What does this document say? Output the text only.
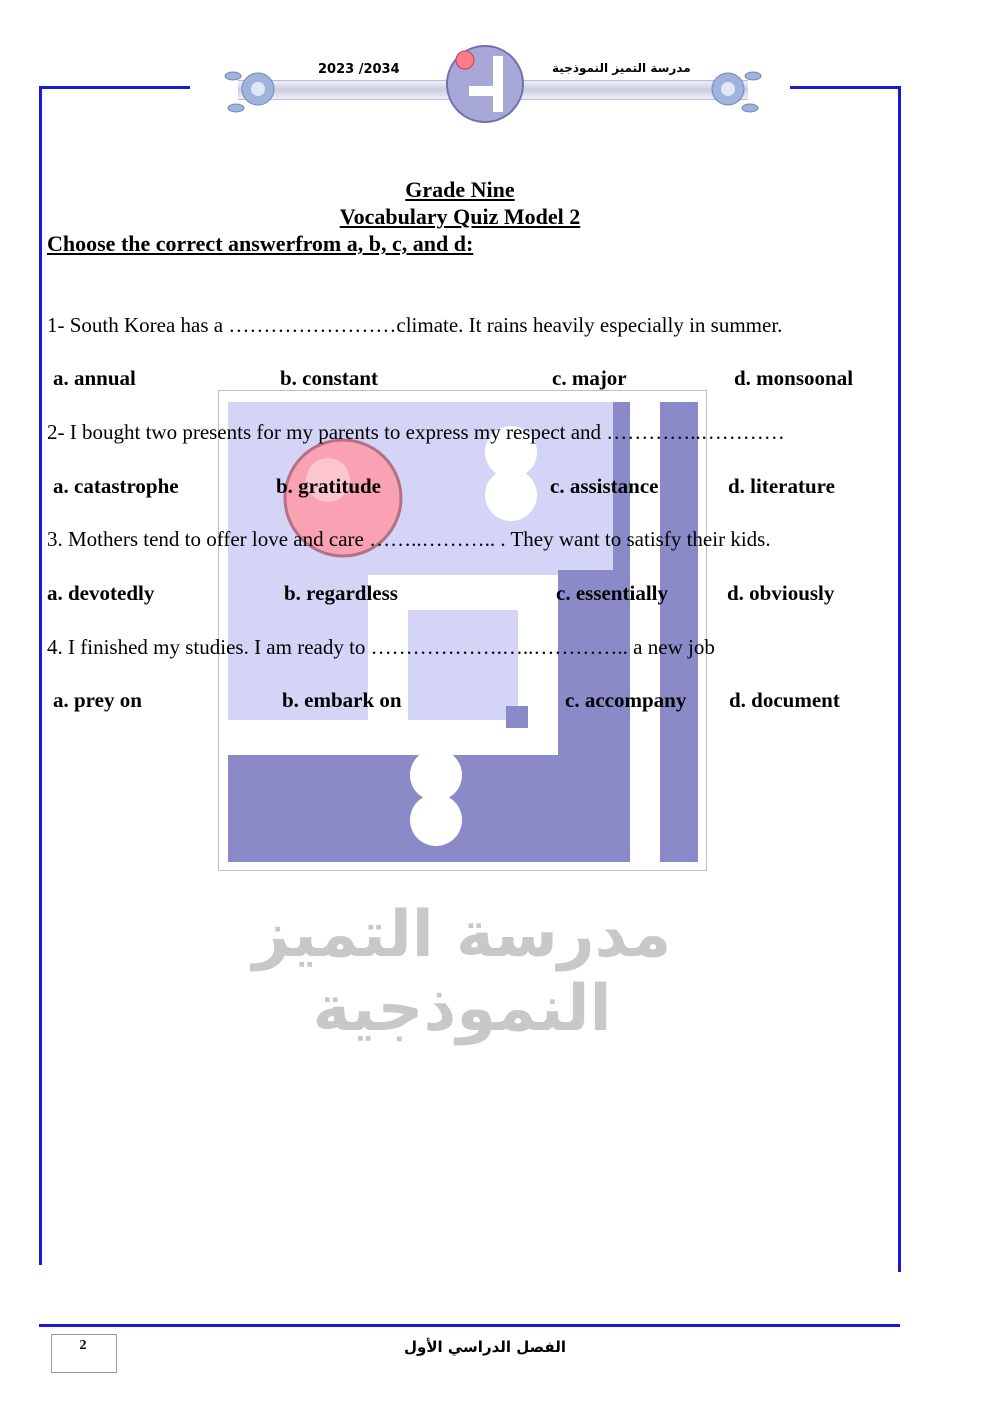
2023 /2034	مدرسة التميز النموذجية
مدرسة التميز النموذجية
Grade Nine
Vocabulary Quiz Model 2
Choose the correct answerfrom a, b, c, and d:
1- South Korea has a ……………………climate. It rains heavily especially in summer.
a. annual	b. constant	c. major	d. monsoonal
2- I bought two presents for my parents to express my respect and …………..…………
a. catastrophe	b. gratitude	c. assistance	d. literature
3. Mothers tend to offer love and care ……..……….. . They want to satisfy their kids.
a. devotedly	b. regardless	c. essentially	d. obviously
4. I finished my studies. I am ready to ……………….…..………….. a new job
a. prey on	b. embark on	c. accompany d. document
2	الفصل الدراسي الأول
